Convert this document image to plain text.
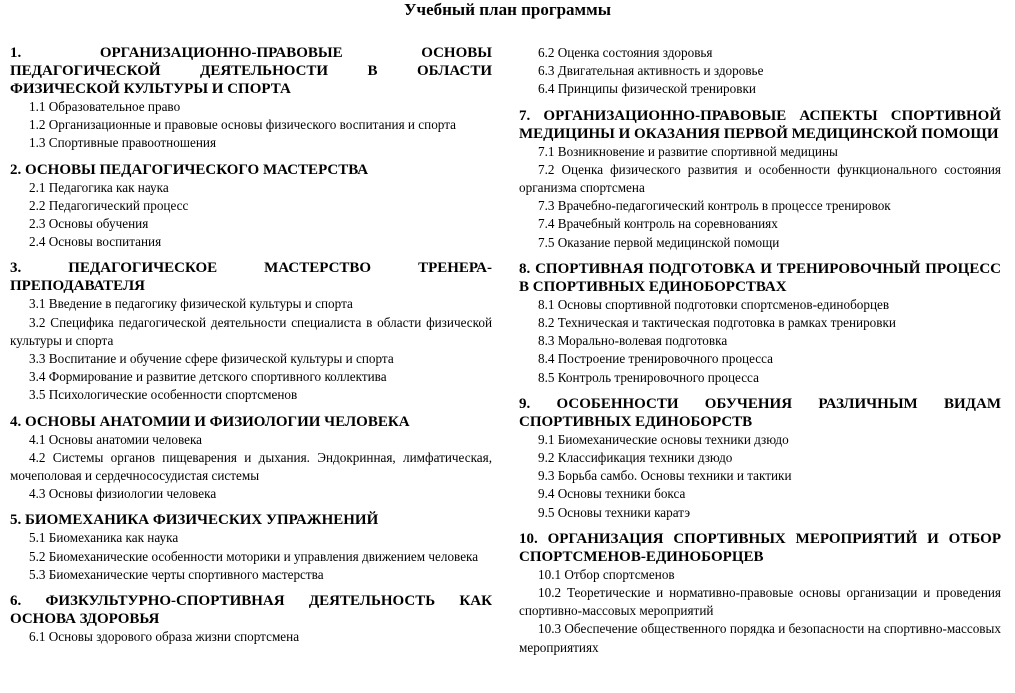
Учебный план программы
1. ОРГАНИЗАЦИОННО-ПРАВОВЫЕ ОСНОВЫ ПЕДАГОГИЧЕСКОЙ ДЕЯТЕЛЬНОСТИ В ОБЛАСТИ ФИЗИЧЕСКОЙ КУЛЬТУРЫ И СПОРТА
1.1 Образовательное право
1.2 Организационные и правовые основы физического воспитания и спорта
1.3 Спортивные правоотношения
2. ОСНОВЫ ПЕДАГОГИЧЕСКОГО МАСТЕРСТВА
2.1 Педагогика как наука
2.2 Педагогический процесс
2.3 Основы обучения
2.4 Основы воспитания
3. ПЕДАГОГИЧЕСКОЕ МАСТЕРСТВО ТРЕНЕРА-ПРЕПОДАВАТЕЛЯ
3.1 Введение в педагогику физической культуры и спорта
3.2 Специфика педагогической деятельности специалиста в области физической культуры и спорта
3.3 Воспитание и обучение сфере физической культуры и спорта
3.4 Формирование и развитие детского спортивного коллектива
3.5 Психологические особенности спортсменов
4. ОСНОВЫ АНАТОМИИ И ФИЗИОЛОГИИ ЧЕЛОВЕКА
4.1 Основы анатомии человека
4.2 Системы органов пищеварения и дыхания. Эндокринная, лимфатическая, мочеполовая и сердечнососудистая системы
4.3 Основы физиологии человека
5. БИОМЕХАНИКА ФИЗИЧЕСКИХ УПРАЖНЕНИЙ
5.1 Биомеханика как наука
5.2 Биомеханические особенности моторики и управления движением человека
5.3 Биомеханические черты спортивного мастерства
6. ФИЗКУЛЬТУРНО-СПОРТИВНАЯ ДЕЯТЕЛЬНОСТЬ КАК ОСНОВА ЗДОРОВЬЯ
6.1 Основы здорового образа жизни спортсмена
6.2 Оценка состояния здоровья
6.3 Двигательная активность и здоровье
6.4 Принципы физической тренировки
7. ОРГАНИЗАЦИОННО-ПРАВОВЫЕ АСПЕКТЫ СПОРТИВНОЙ МЕДИЦИНЫ И ОКАЗАНИЯ ПЕРВОЙ МЕДИЦИНСКОЙ ПОМОЩИ
7.1 Возникновение и развитие спортивной медицины
7.2 Оценка физического развития и особенности функционального состояния организма спортсмена
7.3 Врачебно-педагогический контроль в процессе тренировок
7.4 Врачебный контроль на соревнованиях
7.5 Оказание первой медицинской помощи
8. СПОРТИВНАЯ ПОДГОТОВКА И ТРЕНИРОВОЧНЫЙ ПРОЦЕСС В СПОРТИВНЫХ ЕДИНОБОРСТВАХ
8.1 Основы спортивной подготовки спортсменов-единоборцев
8.2 Техническая и тактическая подготовка в рамках тренировки
8.3 Морально-волевая подготовка
8.4 Построение тренировочного процесса
8.5 Контроль тренировочного процесса
9. ОСОБЕННОСТИ ОБУЧЕНИЯ РАЗЛИЧНЫМ ВИДАМ СПОРТИВНЫХ ЕДИНОБОРСТВ
9.1 Биомеханические основы техники дзюдо
9.2 Классификация техники дзюдо
9.3 Борьба самбо. Основы техники и тактики
9.4 Основы техники бокса
9.5 Основы техники каратэ
10. ОРГАНИЗАЦИЯ СПОРТИВНЫХ МЕРОПРИЯТИЙ И ОТБОР СПОРТСМЕНОВ-ЕДИНОБОРЦЕВ
10.1 Отбор спортсменов
10.2 Теоретические и нормативно-правовые основы организации и проведения спортивно-массовых мероприятий
10.3 Обеспечение общественного порядка и безопасности на спортивно-массовых мероприятиях
